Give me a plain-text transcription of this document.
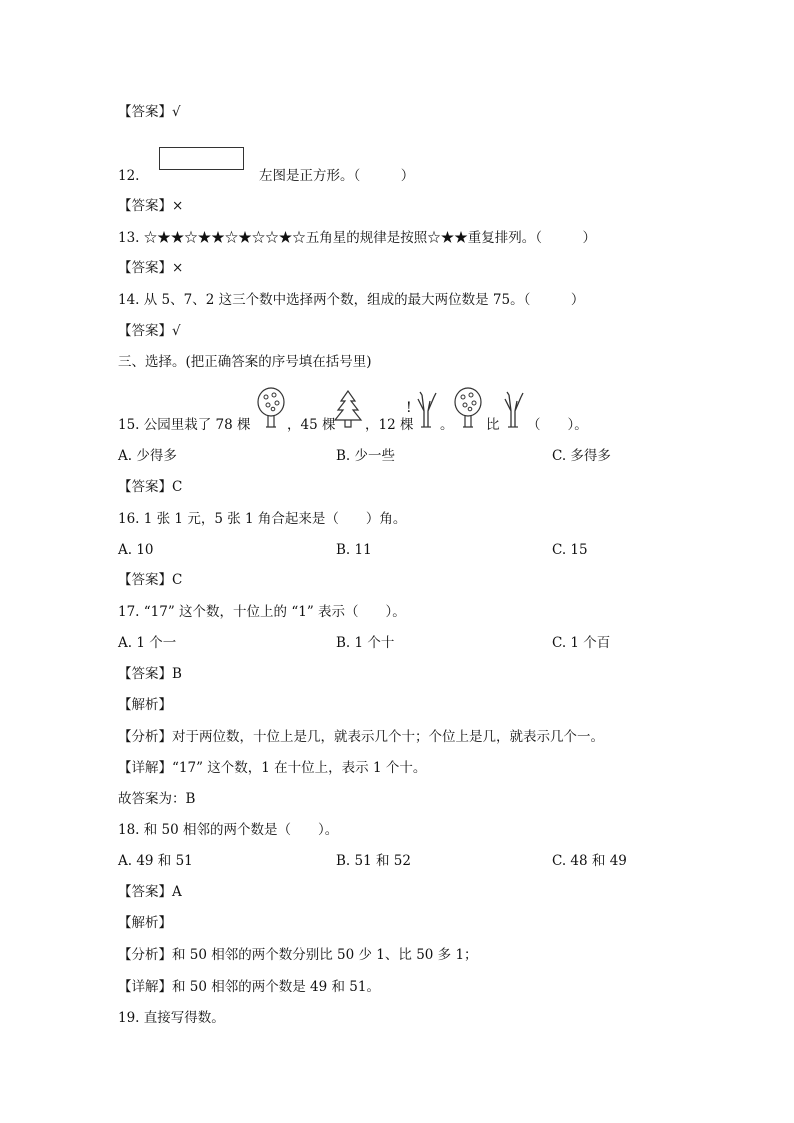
【答案】√
12.	左图是正方形。（　　　）
【答案】×
13. ☆★★☆★★☆★☆☆★☆五角星的规律是按照☆★★重复排列。（　　　）
【答案】×
14. 从 5、7、2 这三个数中选择两个数，组成的最大两位数是 75。（　　　）
【答案】√
三、选择。(把正确答案的序号填在括号里)
15. 公园里栽了 78 棵	，45 棵 ，12 棵
!
。 比 （　　）。
A. 少得多	B. 少一些	C. 多得多
【答案】C
16. 1 张 1 元，5 张 1 角合起来是（　　）角。
A. 10	B. 11	C. 15
【答案】C
17. “17” 这个数，十位上的 “1” 表示（　　）。
A. 1 个一	B. 1 个十	C. 1 个百
【答案】B
【解析】
【分析】对于两位数，十位上是几，就表示几个十；个位上是几，就表示几个一。
【详解】“17” 这个数，1 在十位上，表示 1 个十。
故答案为：B
18. 和 50 相邻的两个数是（　　）。
A. 49 和 51	B. 51 和 52	C. 48 和 49
【答案】A
【解析】
【分析】和 50 相邻的两个数分别比 50 少 1、比 50 多 1；
【详解】和 50 相邻的两个数是 49 和 51。
19. 直接写得数。
